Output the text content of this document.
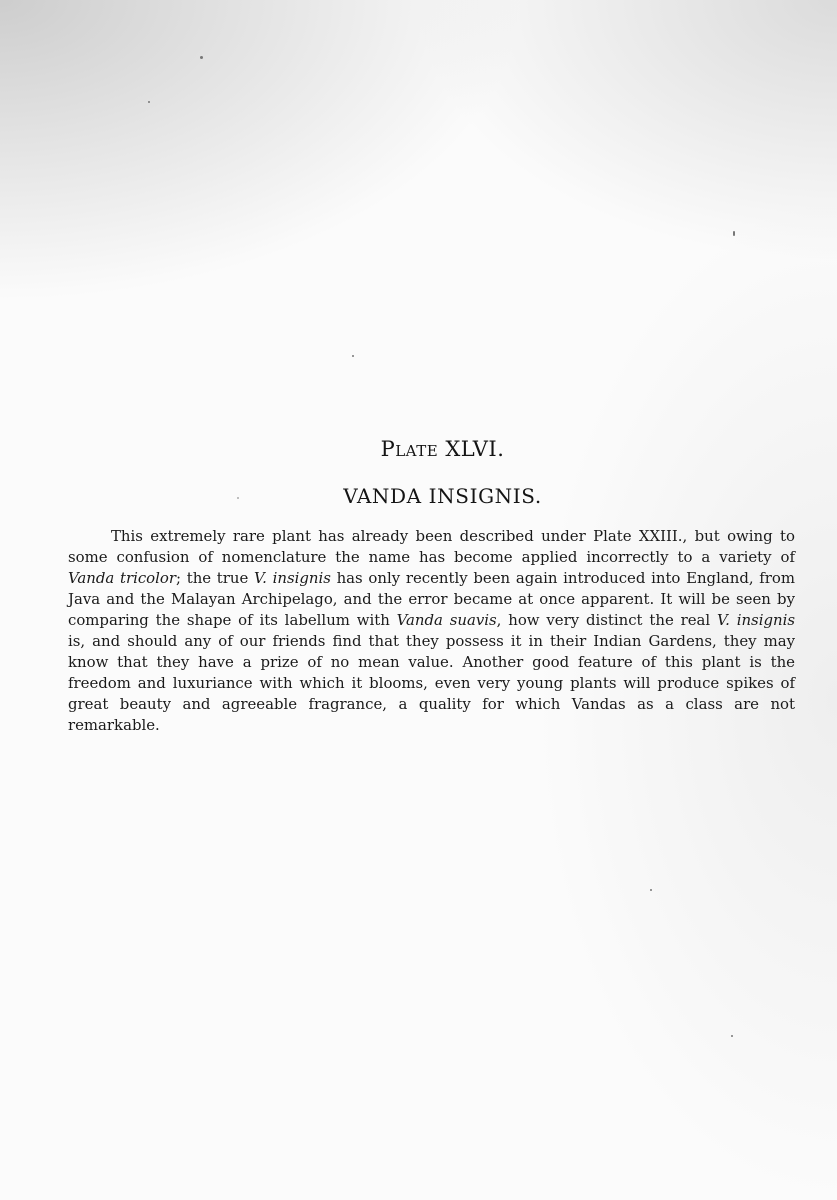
Plate XLVI.
VANDA INSIGNIS.
This extremely rare plant has already been described under Plate XXIII., but owing to
some confusion of nomenclature the name has become applied incorrectly to a variety of
Vanda tricolor; the true V. insignis has only recently been again introduced into England, from
Java and the Malayan Archipelago, and the error became at once apparent. It will be seen by
comparing the shape of its labellum with Vanda suavis, how very distinct the real V. insignis
is, and should any of our friends find that they possess it in their Indian Gardens, they may
know that they have a prize of no mean value. Another good feature of this plant is the
freedom and luxuriance with which it blooms, even very young plants will produce spikes of
great beauty and agreeable fragrance, a quality for which Vandas as a class are not
remarkable.
